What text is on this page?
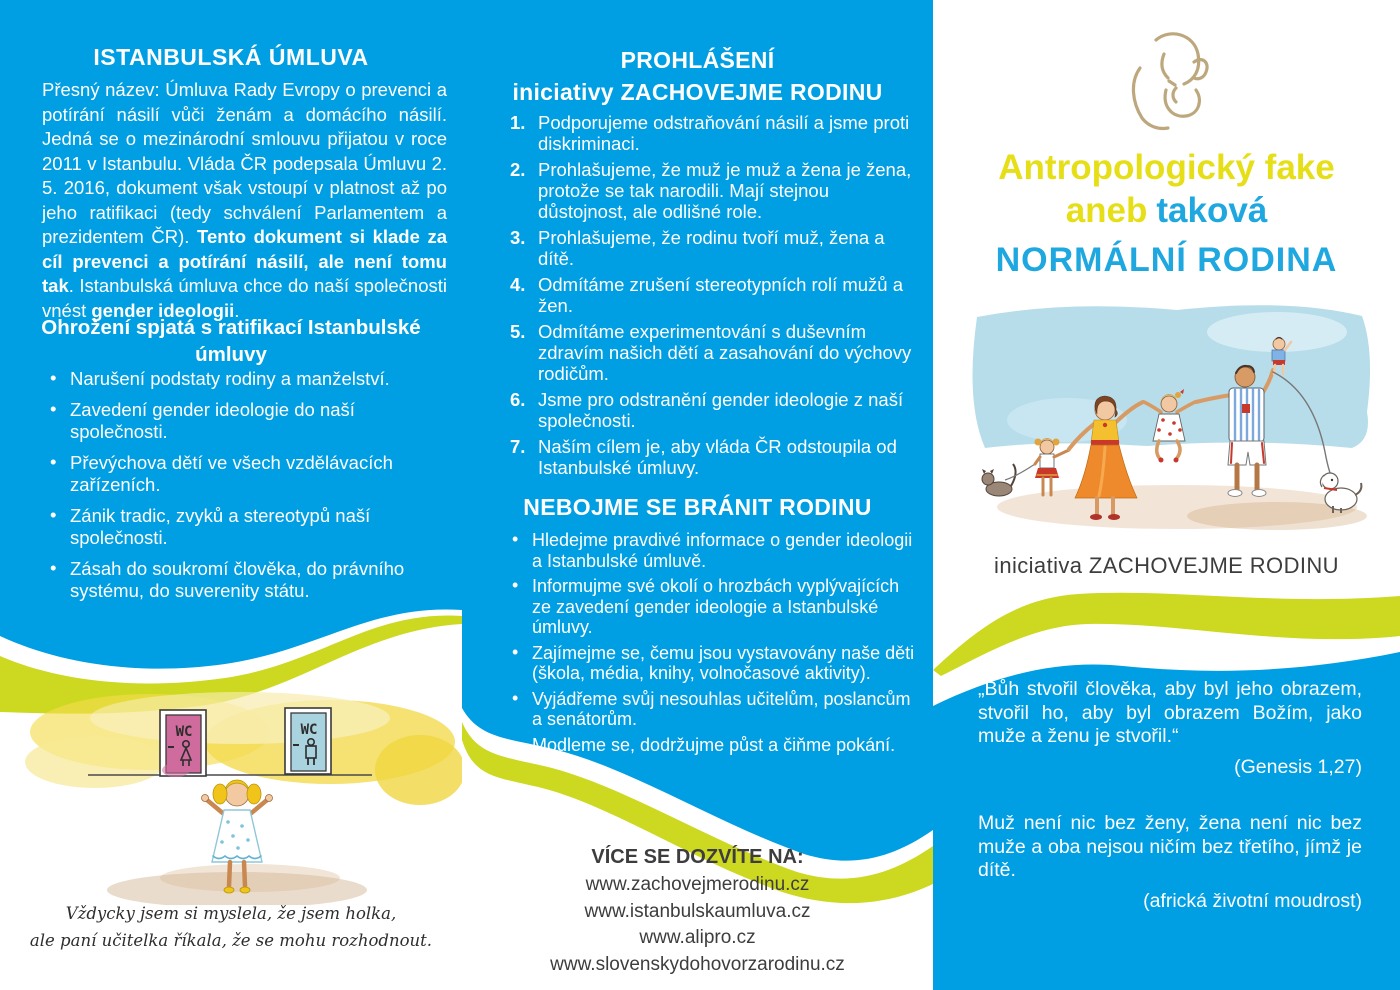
ISTANBULSKÁ ÚMLUVA
Přesný název: Úmluva Rady Evropy o prevenci a potírání násilí vůči ženám a domácího násilí. Jedná se o mezinárodní smlouvu přijatou v roce 2011 v Istanbulu. Vláda ČR podepsala Úmluvu 2. 5. 2016, dokument však vstoupí v platnost až po jeho ratifikaci (tedy schválení Parlamentem a prezidentem ČR). Tento dokument si klade za cíl prevenci a potírání násilí, ale není tomu tak. Istanbulská úmluva chce do naší společnosti vnést gender ideologii.
Ohrožení spjatá s ratifikací Istanbulské úmluvy
• Narušení podstaty rodiny a manželství.
• Zavedení gender ideologie do naší společnosti.
• Převýchova dětí ve všech vzdělávacích zařízeních.
• Zánik tradic, zvyků a stereotypů naší společnosti.
• Zásah do soukromí člověka, do právního systému, do suverenity státu.
WC	WC
Vždycky jsem si myslela, že jsem holka,
ale paní učitelka říkala, že se mohu rozhodnout.
PROHLÁŠENÍ
iniciativy ZACHOVEJME RODINU
1. Podporujeme odstraňování násilí a jsme proti diskriminaci.
2. Prohlašujeme, že muž je muž a žena je žena, protože se tak narodili. Mají stejnou důstojnost, ale odlišné role.
3. Prohlašujeme, že rodinu tvoří muž, žena a dítě.
4. Odmítáme zrušení stereotypních rolí mužů a žen.
5. Odmítáme experimentování s duševním zdravím našich dětí a zasahování do výchovy rodičům.
6. Jsme pro odstranění gender ideologie z naší společnosti.
7. Naším cílem je, aby vláda ČR odstoupila od Istanbulské úmluvy.
NEBOJME SE BRÁNIT RODINU
• Hledejme pravdivé informace o gender ideologii a Istanbulské úmluvě.
• Informujme své okolí o hrozbách vyplývajících ze zavedení gender ideologie a Istanbulské úmluvy.
• Zajímejme se, čemu jsou vystavovány naše děti (škola, média, knihy, volnočasové aktivity).
• Vyjádřeme svůj nesouhlas učitelům, poslancům a senátorům.
• Modleme se, dodržujme půst a čiňme pokání.
VÍCE SE DOZVÍTE NA:
www.zachovejmerodinu.cz
www.istanbulskaumluva.cz
www.alipro.cz
www.slovenskydohovorzarodinu.cz
Antropologický fake
aneb taková
NORMÁLNÍ RODINA
iniciativa ZACHOVEJME RODINU
„Bůh stvořil člověka, aby byl jeho obrazem, stvořil ho, aby byl obrazem Božím, jako muže a ženu je stvořil.“
(Genesis 1,27)
Muž není nic bez ženy, žena není nic bez muže a oba nejsou ničím bez třetího, jímž je dítě.
(africká životní moudrost)
